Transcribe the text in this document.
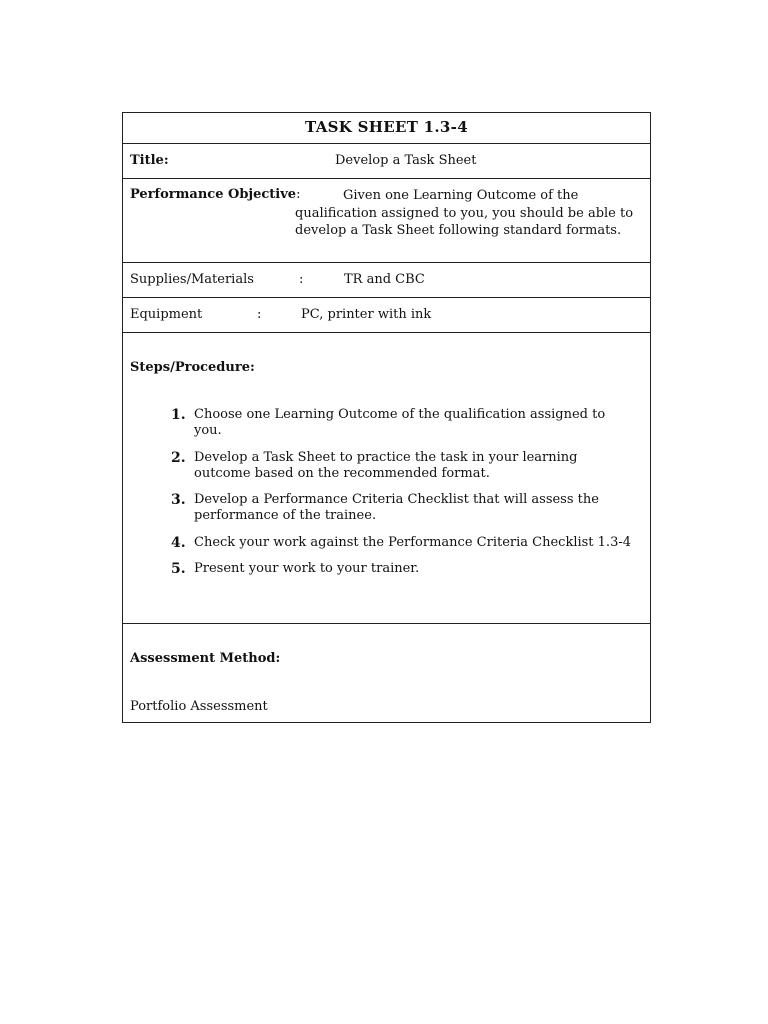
TASK SHEET 1.3-4
Title:	Develop a Task Sheet
Performance Objective:	Given one Learning Outcome of the qualification assigned to you, you should be able to develop a Task Sheet following standard formats.
Supplies/Materials	:	TR and CBC
Equipment	:	PC, printer with ink
Steps/Procedure:
1. Choose one Learning Outcome of the qualification assigned to you.
2. Develop a Task Sheet to practice the task in your learning outcome based on the recommended format.
3. Develop a Performance Criteria Checklist that will assess the performance of the trainee.
4. Check your work against the Performance Criteria Checklist 1.3-4
5. Present your work to your trainer.
Assessment Method:
Portfolio Assessment
